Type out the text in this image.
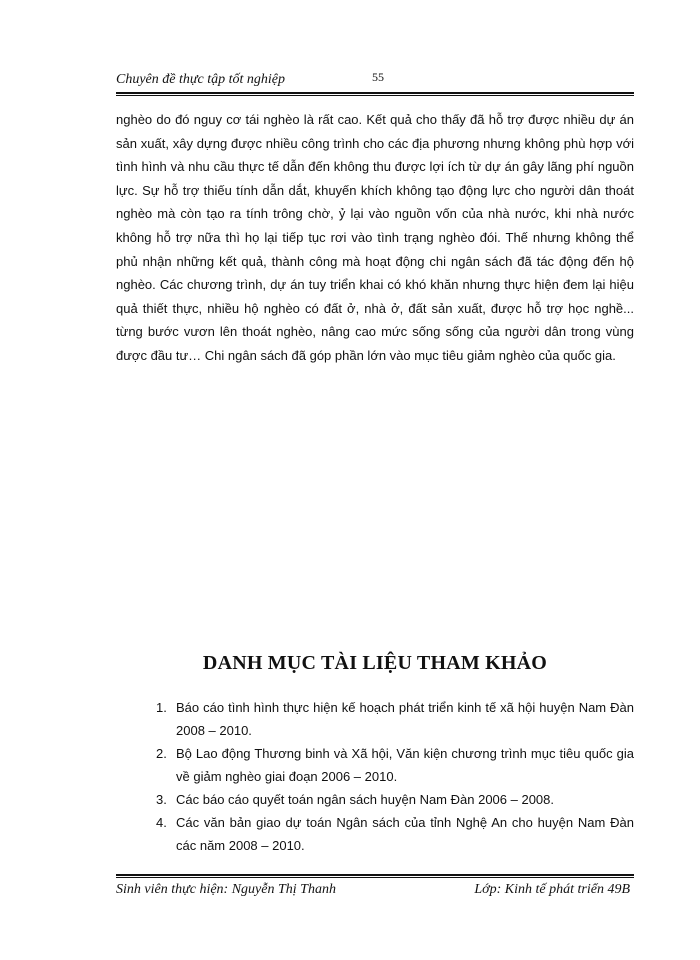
Chuyên đề thực tập tốt nghiệp	55

nghèo do đó nguy cơ tái nghèo là rất cao. Kết quả cho thấy đã hỗ trợ được nhiều dự án sản xuất, xây dựng được nhiều công trình cho các địa phương nhưng không phù hợp với tình hình và nhu cầu thực tế dẫn đến không thu được lợi ích từ dự án gây lãng phí nguồn lực. Sự hỗ trợ thiếu tính dẫn dắt, khuyến khích không tạo động lực cho người dân thoát nghèo mà còn tạo ra tính trông chờ, ỷ lại vào nguồn vốn của nhà nước, khi nhà nước không hỗ trợ nữa thì họ lại tiếp tục rơi vào tình trạng nghèo đói. Thế nhưng không thể phủ nhận những kết quả, thành công mà hoạt động chi ngân sách đã tác động đến hộ nghèo. Các chương trình, dự án tuy triển khai có khó khăn nhưng thực hiện đem lại hiệu quả thiết thực, nhiều hộ nghèo có đất ở, nhà ở, đất sản xuất, được hỗ trợ học nghề... từng bước vươn lên thoát nghèo, nâng cao mức sống sống của người dân trong vùng được đầu tư… Chi ngân sách đã góp phần lớn vào mục tiêu giảm nghèo của quốc gia.

DANH MỤC TÀI LIỆU THAM KHẢO
1. Báo cáo tình hình thực hiện kế hoạch phát triển kinh tế xã hội huyện Nam Đàn 2008 – 2010.
2. Bộ Lao động Thương binh và Xã hội, Văn kiện chương trình mục tiêu quốc gia về giảm nghèo giai đoạn 2006 – 2010.
3. Các báo cáo quyết toán ngân sách huyện Nam Đàn 2006 – 2008.
4. Các văn bản giao dự toán Ngân sách của tỉnh Nghệ An cho huyện Nam Đàn các năm 2008 – 2010.
Sinh viên thực hiện: Nguyễn Thị Thanh	Lớp: Kinh tế phát triển 49B
